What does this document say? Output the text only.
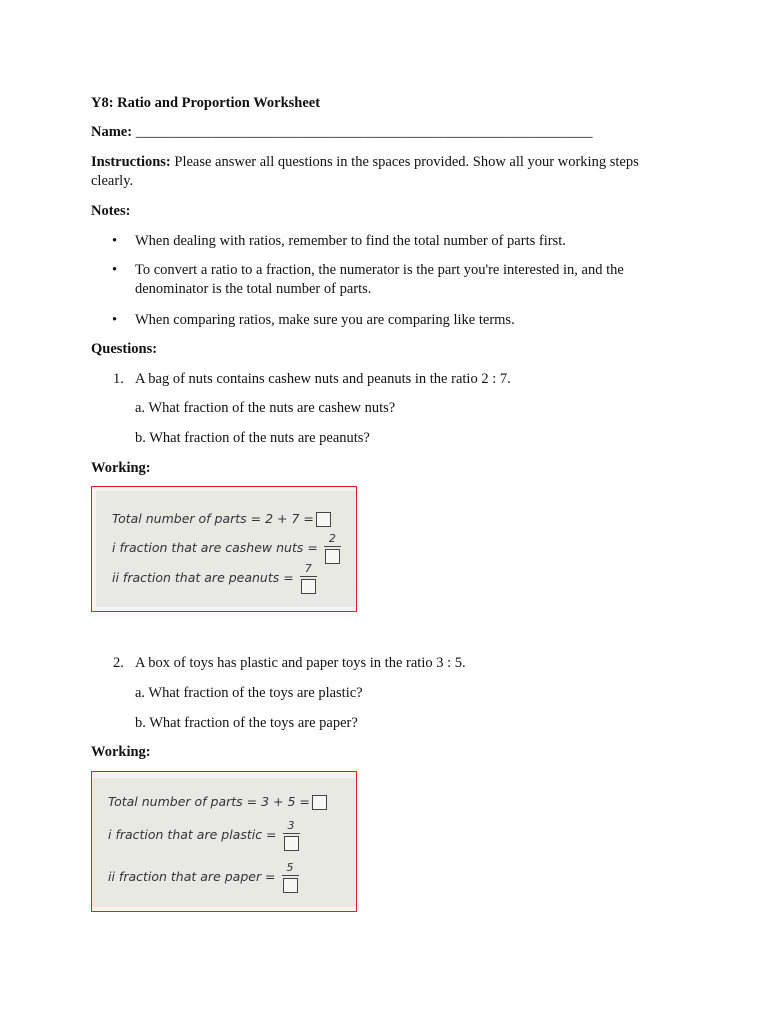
Y8: Ratio and Proportion Worksheet

Name: _______________________________________________________________

Instructions: Please answer all questions in the spaces provided. Show all your working steps clearly.

Notes:

• When dealing with ratios, remember to find the total number of parts first.
• To convert a ratio to a fraction, the numerator is the part you're interested in, and the denominator is the total number of parts.
• When comparing ratios, make sure you are comparing like terms.

Questions:

1. A bag of nuts contains cashew nuts and peanuts in the ratio 2 : 7.
a. What fraction of the nuts are cashew nuts?
b. What fraction of the nuts are peanuts?

Working:

Total number of parts = 2 + 7 =
i fraction that are cashew nuts =
2
ii fraction that are peanuts =
7
2. A box of toys has plastic and paper toys in the ratio 3 : 5.
a. What fraction of the toys are plastic?
b. What fraction of the toys are paper?

Working:

Total number of parts = 3 + 5 =
i fraction that are plastic =
3
ii fraction that are paper =
5
